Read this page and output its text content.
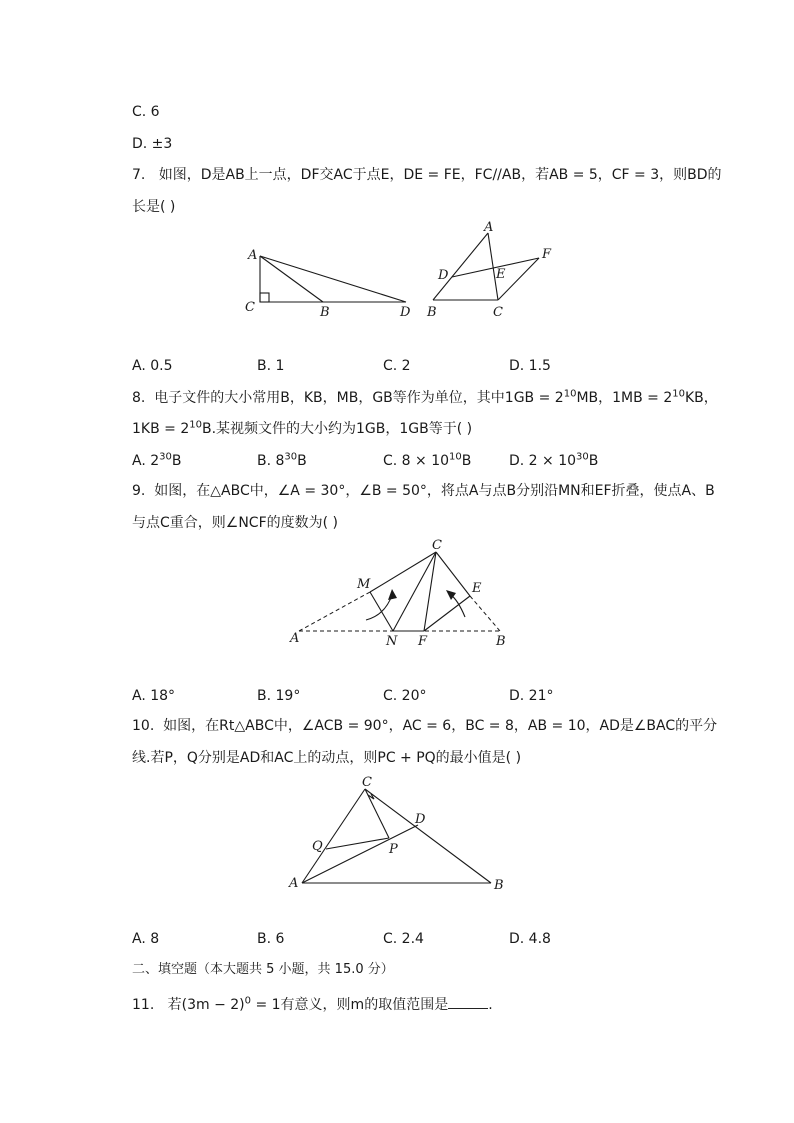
C. 6
D. ±3
7. 如图，D是AB上一点，DF交AC于点E，DE = FE，FC//AB，若AB = 5，CF = 3，则BD的
长是( )
A
C	B	D
A
F
D	E
B	C
A. 0.5	B. 1	C. 2	D. 1.5
8. 电子文件的大小常用B，KB，MB，GB等作为单位，其中$1GB = 2^{10}MB$，$1MB = 2^{10}KB$，
$1KB = 2^{10}B$.某视频文件的大小约为1GB，1GB等于( )
A. $2^{30}B$	B. $8^{30}B$	C. $8 \times 10^{10}B$	D. $2 \times 10^{30}B$
9. 如图，在△ABC中，∠A = 30°，∠B = 50°，将点A与点B分别沿MN和EF折叠，使点A、B
与点C重合，则∠NCF的度数为( )
C
M	E
A	N F	B
A. 18°	B. 19°	C. 20°	D. 21°
10. 如图，在Rt△ABC中，∠ACB = 90°，AC = 6，BC = 8，AB = 10，AD是∠BAC的平分
线.若P，Q分别是AD和AC上的动点，则PC + PQ的最小值是( )
C
D
Q	P
A	B
A. 8	B. 6	C. 2.4	D. 4.8
二、填空题（本大题共 5 小题，共 15.0 分）
11. 若$(3m - 2)^0 = 1$有意义，则m的取值范围是	.
